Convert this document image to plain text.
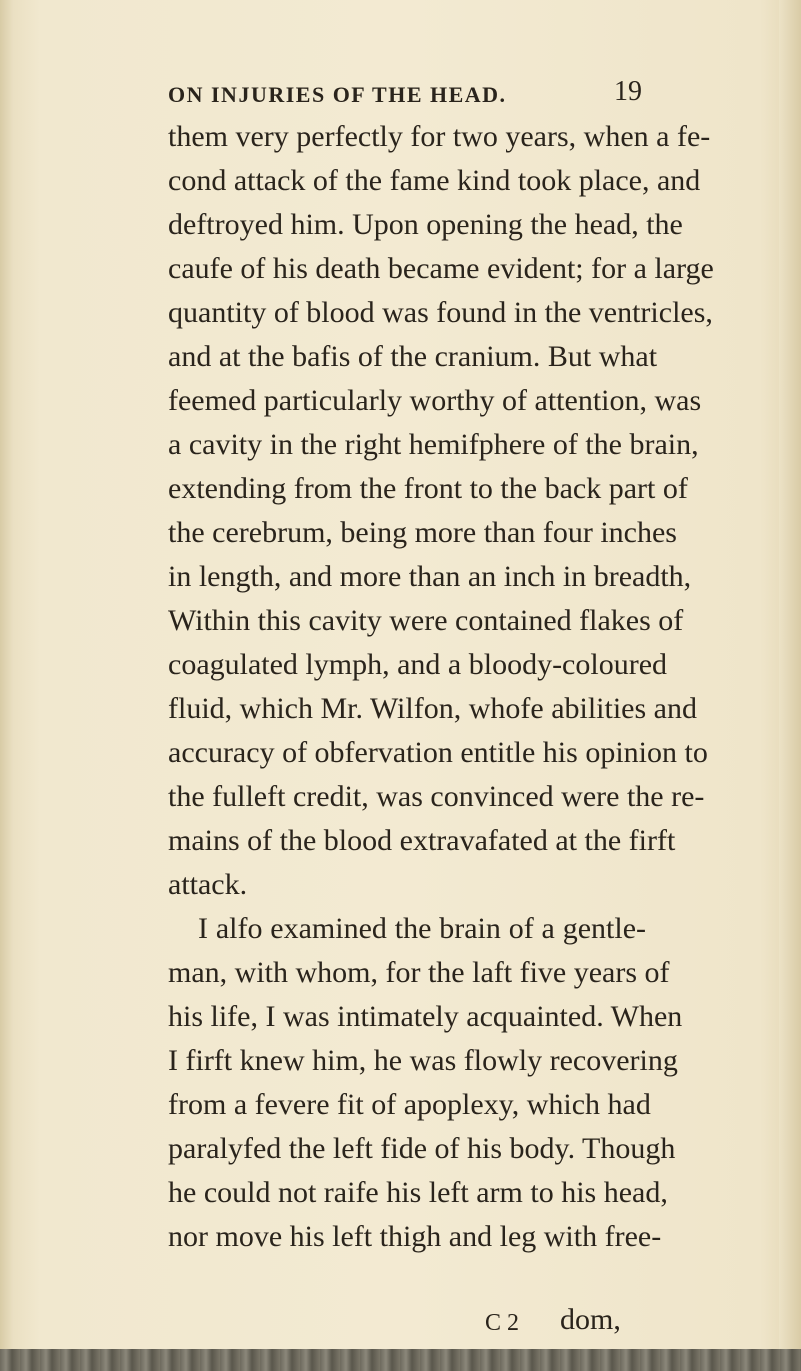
ON INJURIES OF THE HEAD.	19
them very perfectly for two years, when a fe-
cond attack of the fame kind took place, and
deftroyed him. Upon opening the head, the
caufe of his death became evident; for a large
quantity of blood was found in the ventricles,
and at the bafis of the cranium. But what
feemed particularly worthy of attention, was
a cavity in the right hemifphere of the brain,
extending from the front to the back part of
the cerebrum, being more than four inches
in length, and more than an inch in breadth,
Within this cavity were contained flakes of
coagulated lymph, and a bloody-coloured
fluid, which Mr. Wilfon, whofe abilities and
accuracy of obfervation entitle his opinion to
the fulleft credit, was convinced were the re-
mains of the blood extravafated at the firft
attack.
I alfo examined the brain of a gentle-
man, with whom, for the laft five years of
his life, I was intimately acquainted. When
I firft knew him, he was flowly recovering
from a fevere fit of apoplexy, which had
paralyfed the left fide of his body. Though
he could not raife his left arm to his head,
nor move his left thigh and leg with free-
C 2 dom,
